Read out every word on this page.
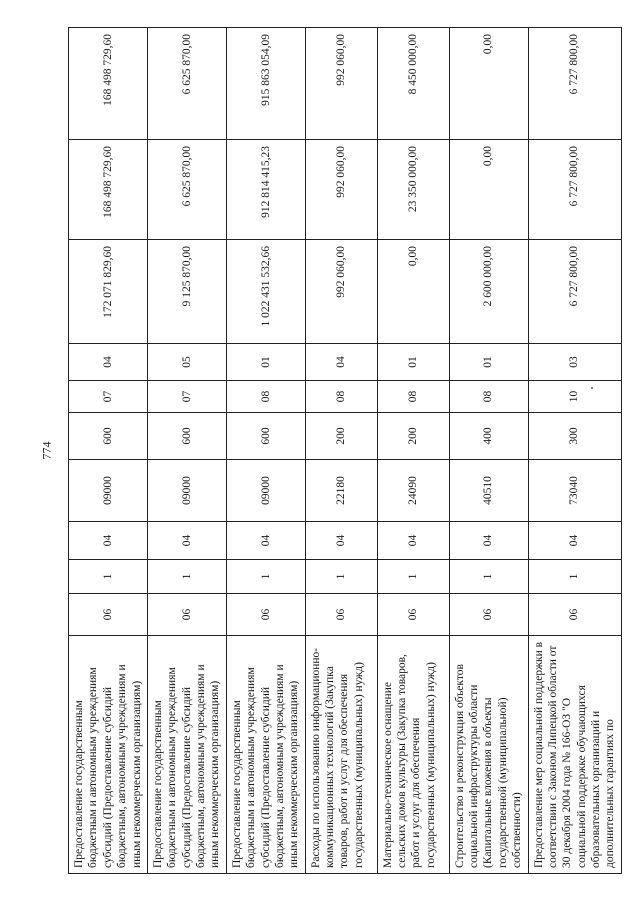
774
Предоставление государственным бюджетным и автономным учреждениям субсидий (Предоставление субсидий бюджетным, автономным учреждениям и иным некоммерческим организациям)	06	1	04	09000	600	07	04	172 071 829,60	168 498 729,60	168 498 729,60
Предоставление государственным бюджетным и автономным учреждениям субсидий (Предоставление субсидий бюджетным, автономным учреждениям и иным некоммерческим организациям)	06	1	04	09000	600	07	05	9 125 870,00	6 625 870,00	6 625 870,00
Предоставление государственным бюджетным и автономным учреждениям субсидий (Предоставление субсидий бюджетным, автономным учреждениям и иным некоммерческим организациям)	06	1	04	09000	600	08	01	1 022 431 532,66	912 814 415,23	915 863 054,09
Расходы по использованию информационно-коммуникационных технологий (Закупка товаров, работ и услуг для обеспечения государственных (муниципальных) нужд)	06	1	04	22180	200	08	04	992 060,00	992 060,00	992 060,00
Материально-техническое оснащение сельских домов культуры (Закупка товаров, работ и услуг для обеспечения государственных (муниципальных) нужд)	06	1	04	24090	200	08	01	0,00	23 350 000,00	8 450 000,00
Строительство и реконструкция объектов социальной инфраструктуры области (Капитальные вложения в объекты государственной (муниципальной) собственности)	06	1	04	40510	400	08	01	2 600 000,00	0,00	0,00
Предоставление мер социальной поддержки в соответствии с Законом Липецкой области от 30 декабря 2004 года № 166-ОЗ "О социальной поддержке обучающихся образовательных организаций и дополнительных гарантиях по	06	1	04	73040	300	10	03	6 727 800,00	6 727 800,00	6 727 800,00
